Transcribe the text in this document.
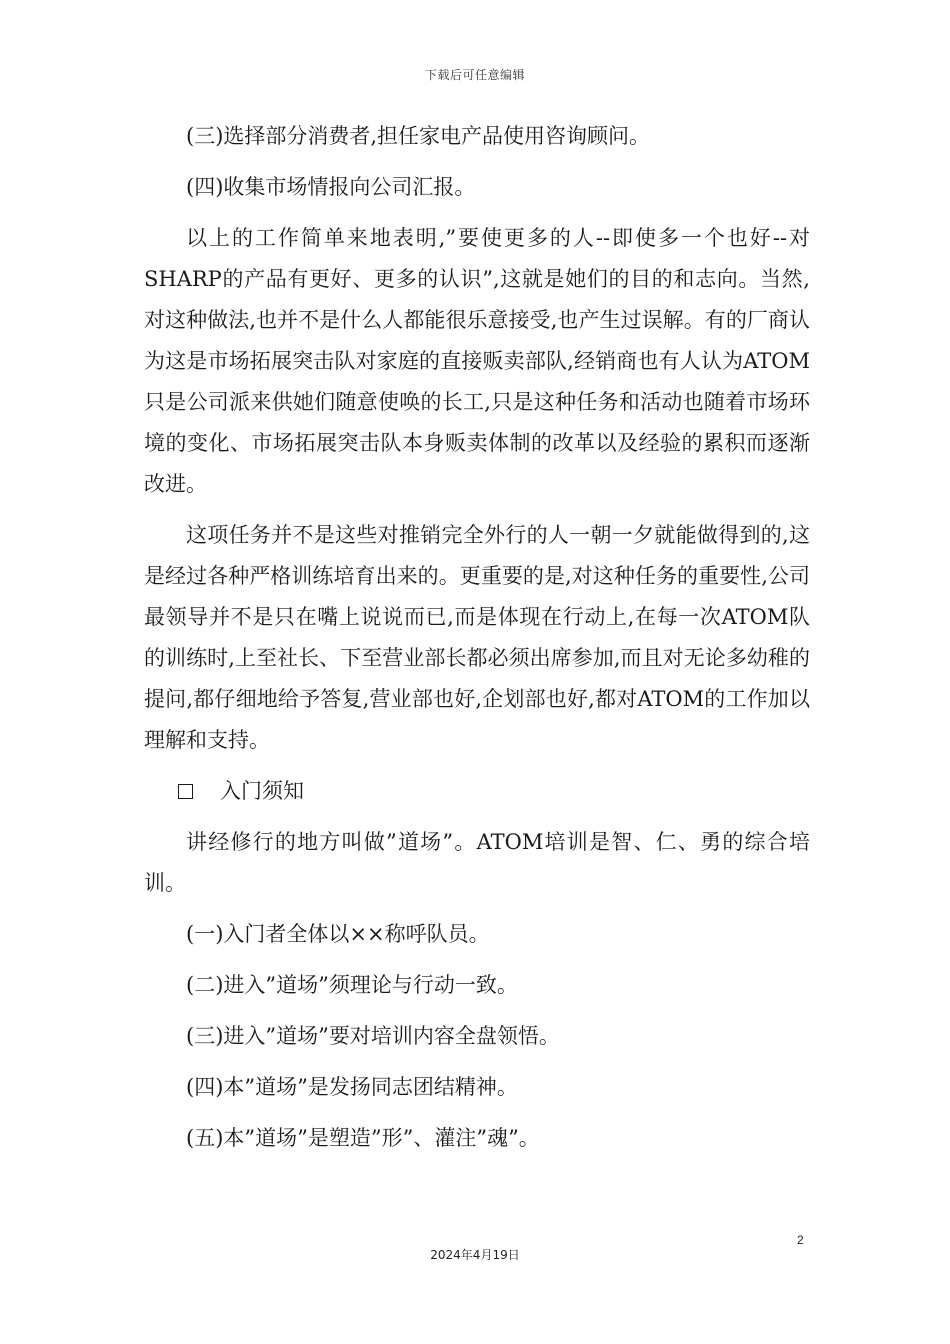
下载后可任意编辑

(三)选择部分消费者,担任家电产品使用咨询顾问。

(四)收集市场情报向公司汇报。

以上的工作简单来地表明,”要使更多的人--即使多一个也好--对SHARP的产品有更好、更多的认识”,这就是她们的目的和志向。当然,对这种做法,也并不是什么人都能很乐意接受,也产生过误解。有的厂商认为这是市场拓展突击队对家庭的直接贩卖部队,经销商也有人认为ATOM只是公司派来供她们随意使唤的长工,只是这种任务和活动也随着市场环境的变化、市场拓展突击队本身贩卖体制的改革以及经验的累积而逐渐改进。

这项任务并不是这些对推销完全外行的人一朝一夕就能做得到的,这是经过各种严格训练培育出来的。更重要的是,对这种任务的重要性,公司最领导并不是只在嘴上说说而已,而是体现在行动上,在每一次ATOM队的训练时,上至社长、下至营业部长都必须出席参加,而且对无论多幼稚的提问,都仔细地给予答复,营业部也好,企划部也好,都对ATOM的工作加以理解和支持。

入门须知

讲经修行的地方叫做”道场”。ATOM培训是智、仁、勇的综合培训。

(一)入门者全体以××称呼队员。

(二)进入”道场”须理论与行动一致。

(三)进入”道场”要对培训内容全盘领悟。

(四)本”道场”是发扬同志团结精神。

(五)本”道场”是塑造”形”、灌注”魂”。

2
2024年4月19日
